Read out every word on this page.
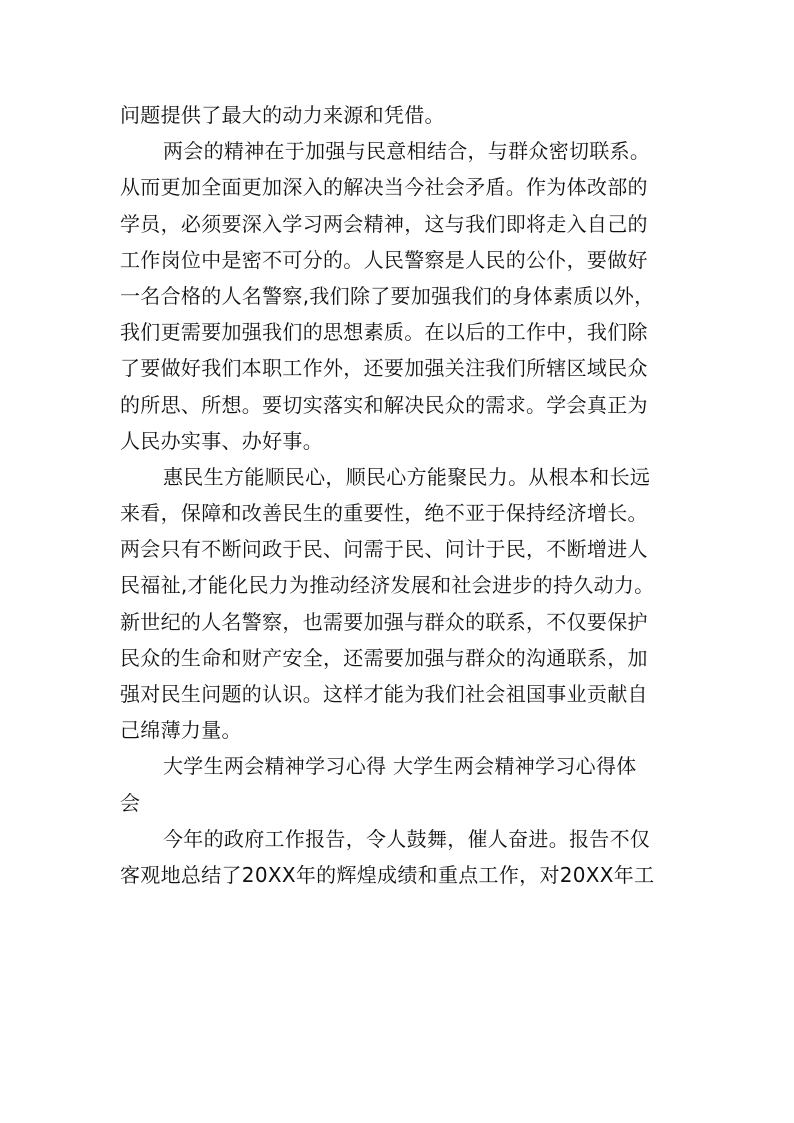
问题提供了最大的动力来源和凭借。
两会的精神在于加强与民意相结合，与群众密切联系。
从而更加全面更加深入的解决当今社会矛盾。作为体改部的
学员，必须要深入学习两会精神，这与我们即将走入自己的
工作岗位中是密不可分的。人民警察是人民的公仆，要做好
一名合格的人名警察,我们除了要加强我们的身体素质以外，
我们更需要加强我们的思想素质。在以后的工作中，我们除
了要做好我们本职工作外，还要加强关注我们所辖区域民众
的所思、所想。要切实落实和解决民众的需求。学会真正为
人民办实事、办好事。
惠民生方能顺民心，顺民心方能聚民力。从根本和长远
来看，保障和改善民生的重要性，绝不亚于保持经济增长。
两会只有不断问政于民、问需于民、问计于民，不断增进人
民福祉,才能化民力为推动经济发展和社会进步的持久动力。
新世纪的人名警察，也需要加强与群众的联系，不仅要保护
民众的生命和财产安全，还需要加强与群众的沟通联系，加
强对民生问题的认识。这样才能为我们社会祖国事业贡献自
己绵薄力量。
大学生两会精神学习心得 大学生两会精神学习心得体
会
今年的政府工作报告，令人鼓舞，催人奋进。报告不仅
客观地总结了20XX年的辉煌成绩和重点工作，对20XX年工
